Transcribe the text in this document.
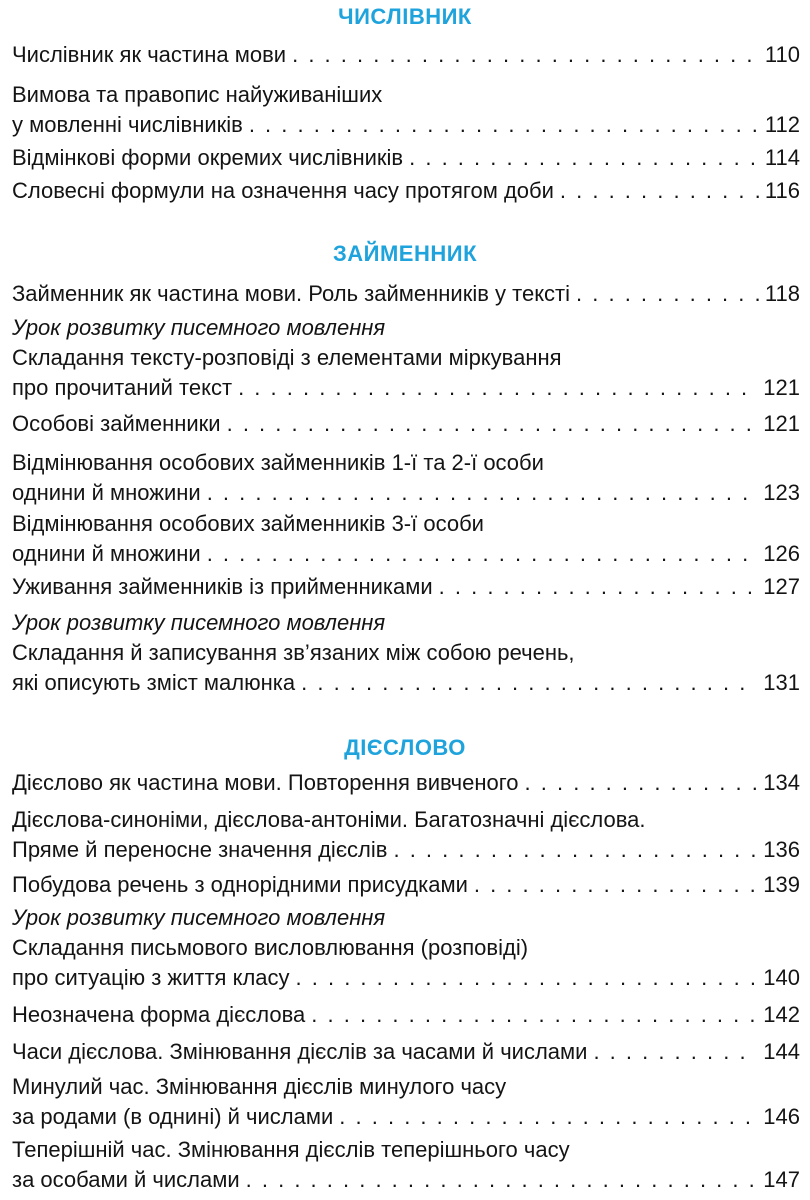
ЧИСЛІВНИК
Числівник як частина мови . . .	110
Вимова та правопис найуживаніших
у мовленні числівників . . .	112
Відмінкові форми окремих числівників . . .	114
Словесні формули на означення часу протягом доби . . .	116
ЗАЙМЕННИК
Займенник як частина мови. Роль займенників у тексті . . .	118
Урок розвитку писемного мовлення
Складання тексту-розповіді з елементами міркування
про прочитаний текст . . .	121
Особові займенники . . .	121
Відмінювання особових займенників 1-ї та 2-ї особи
однини й множини . . .	123
Відмінювання особових займенників 3-ї особи
однини й множини . . .	126
Уживання займенників із прийменниками . . .	127
Урок розвитку писемного мовлення
Складання й записування зв’язаних між собою речень,
які описують зміст малюнка . . .	131
ДІЄСЛОВО
Дієслово як частина мови. Повторення вивченого . . .	134
Дієслова-синоніми, дієслова-антоніми. Багатозначні дієслова.
Пряме й переносне значення дієслів . . .	136
Побудова речень з однорідними присудками . . .	139
Урок розвитку писемного мовлення
Складання письмового висловлювання (розповіді)
про ситуацію з життя класу . . .	140
Неозначена форма дієслова . . .	142
Часи дієслова. Змінювання дієслів за часами й числами . . .	144
Минулий час. Змінювання дієслів минулого часу
за родами (в однині) й числами . . .	146
Теперішній час. Змінювання дієслів теперішнього часу
за особами й числами . . .	147
